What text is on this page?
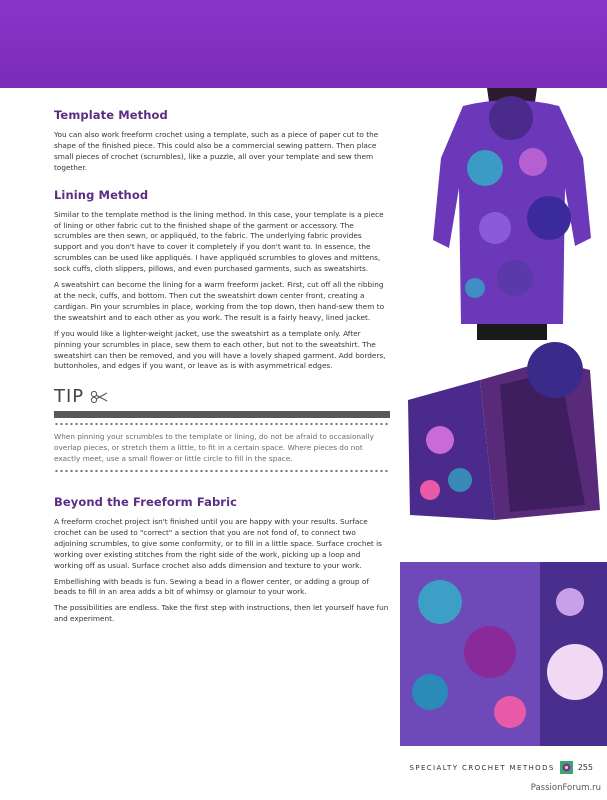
Template Method

You can also work freeform crochet using a template, such as a piece of paper cut to the shape of the finished piece. This could also be a commercial sewing pattern. Then place small pieces of crochet (scrumbles), like a puzzle, all over your template and sew them together.

Lining Method

Similar to the template method is the lining method. In this case, your template is a piece of lining or other fabric cut to the finished shape of the garment or accessory. The scrumbles are then sewn, or appliquéd, to the fabric. The underlying fabric provides support and you don't have to cover it completely if you don't want to. In essence, the scrumbles can be used like appliqués. I have appliquéd scrumbles to gloves and mittens, sock cuffs, cloth slippers, pillows, and even purchased garments, such as sweatshirts.

A sweatshirt can become the lining for a warm freeform jacket. First, cut off all the ribbing at the neck, cuffs, and bottom. Then cut the sweatshirt down center front, creating a cardigan. Pin your scrumbles in place, working from the top down, then hand-sew them to the sweatshirt and to each other as you work. The result is a fairly heavy, lined jacket.

If you would like a lighter-weight jacket, use the sweatshirt as a template only. After pinning your scrumbles in place, sew them to each other, but not to the sweatshirt. The sweatshirt can then be removed, and you will have a lovely shaped garment. Add borders, buttonholes, and edges if you want, or leave as is with asymmetrical edges.

TIP

When pinning your scrumbles to the template or lining, do not be afraid to occasionally overlap pieces, or stretch them a little, to fit in a certain space. Where pieces do not exactly meet, use a small flower or little circle to fill in the space.

Beyond the Freeform Fabric

A freeform crochet project isn't finished until you are happy with your results. Surface crochet can be used to "correct" a section that you are not fond of, to connect two adjoining scrumbles, to give some conformity, or to fill in a little space. Surface crochet is working over existing stitches from the right side of the work, picking up a loop and working off as usual. Surface crochet also adds dimension and texture to your work.

Embellishing with beads is fun. Sewing a bead in a flower center, or adding a group of beads to fill in an area adds a bit of whimsy or glamour to your work.

The possibilities are endless. Take the first step with instructions, then let yourself have fun and experiment.

SPECIALTY CROCHET METHODS	255
PassionForum.ru
